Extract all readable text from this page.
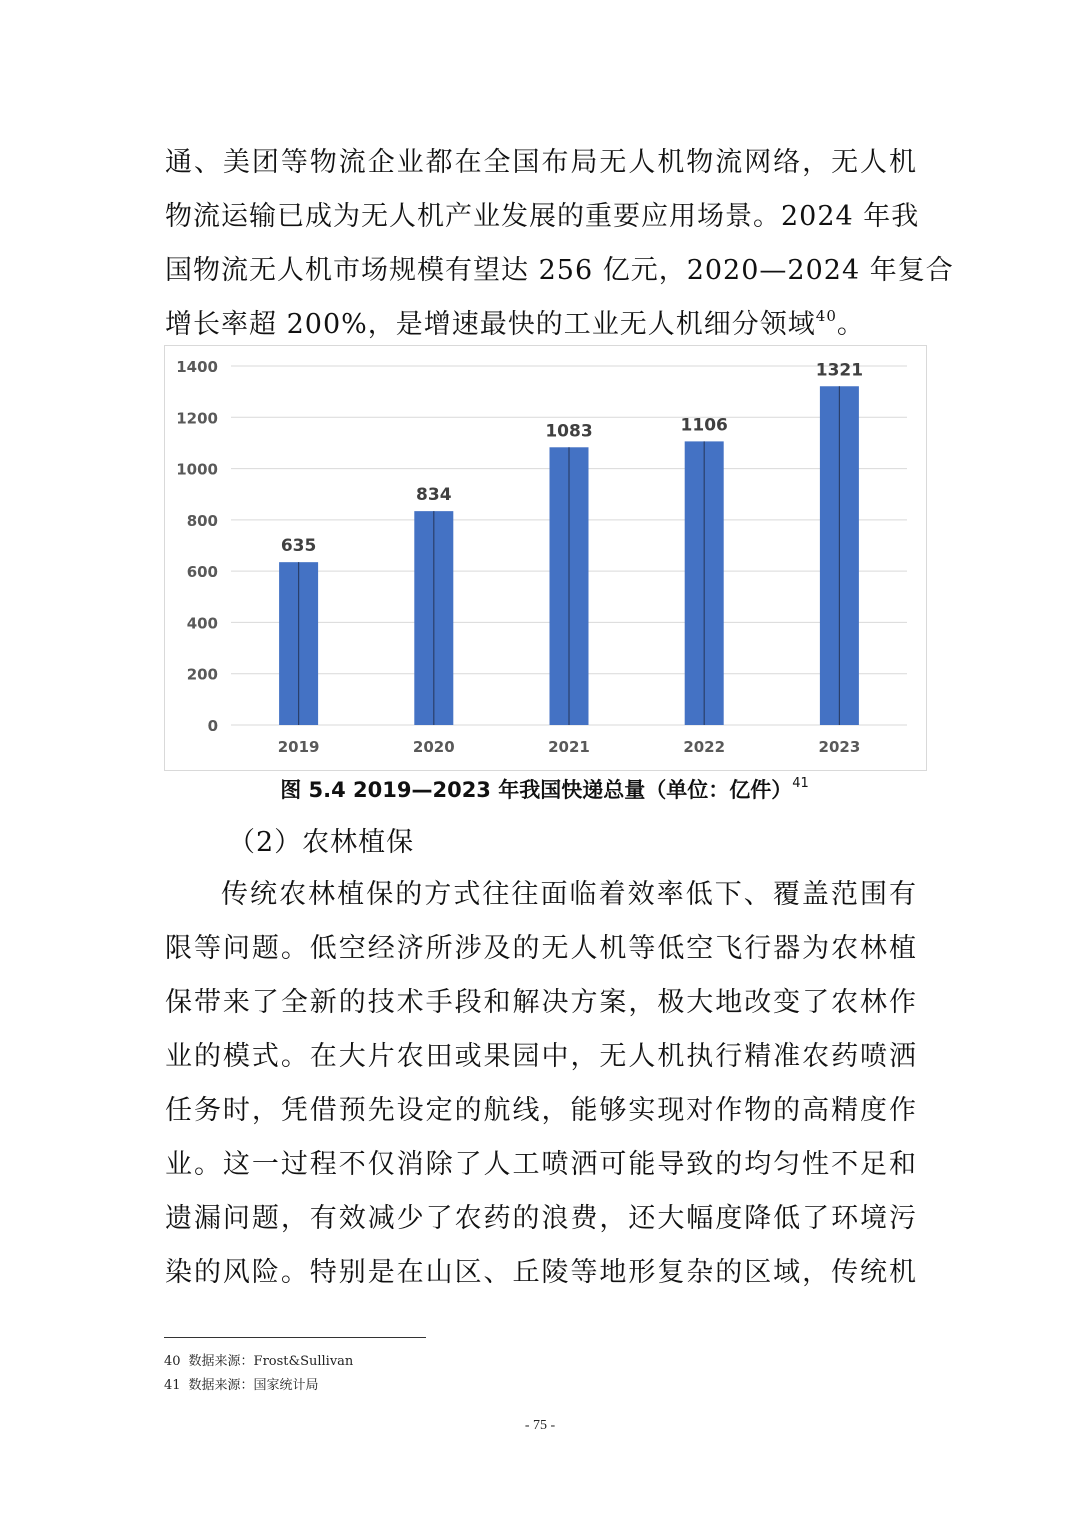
通、美团等物流企业都在全国布局无人机物流网络，无人机
物流运输已成为无人机产业发展的重要应用场景。2024 年我
国物流无人机市场规模有望达 256 亿元，2020—2024 年复合
增长率超 200%，是增速最快的工业无人机细分领域$^{40}$。
0
200
400
600
800
1000
1200
1400
635
2019
834
2020
1083
2021
1106
2022
1321
2023
图 5.4 2019—2023 年我国快递总量（单位：亿件）$^{41}$
（2）农林植保
传统农林植保的方式往往面临着效率低下、覆盖范围有
限等问题。低空经济所涉及的无人机等低空飞行器为农林植
保带来了全新的技术手段和解决方案，极大地改变了农林作
业的模式。在大片农田或果园中，无人机执行精准农药喷洒
任务时，凭借预先设定的航线，能够实现对作物的高精度作
业。这一过程不仅消除了人工喷洒可能导致的均匀性不足和
遗漏问题，有效减少了农药的浪费，还大幅度降低了环境污
染的风险。特别是在山区、丘陵等地形复杂的区域，传统机
40 数据来源：Frost&Sullivan
41 数据来源：国家统计局
- 75 -
